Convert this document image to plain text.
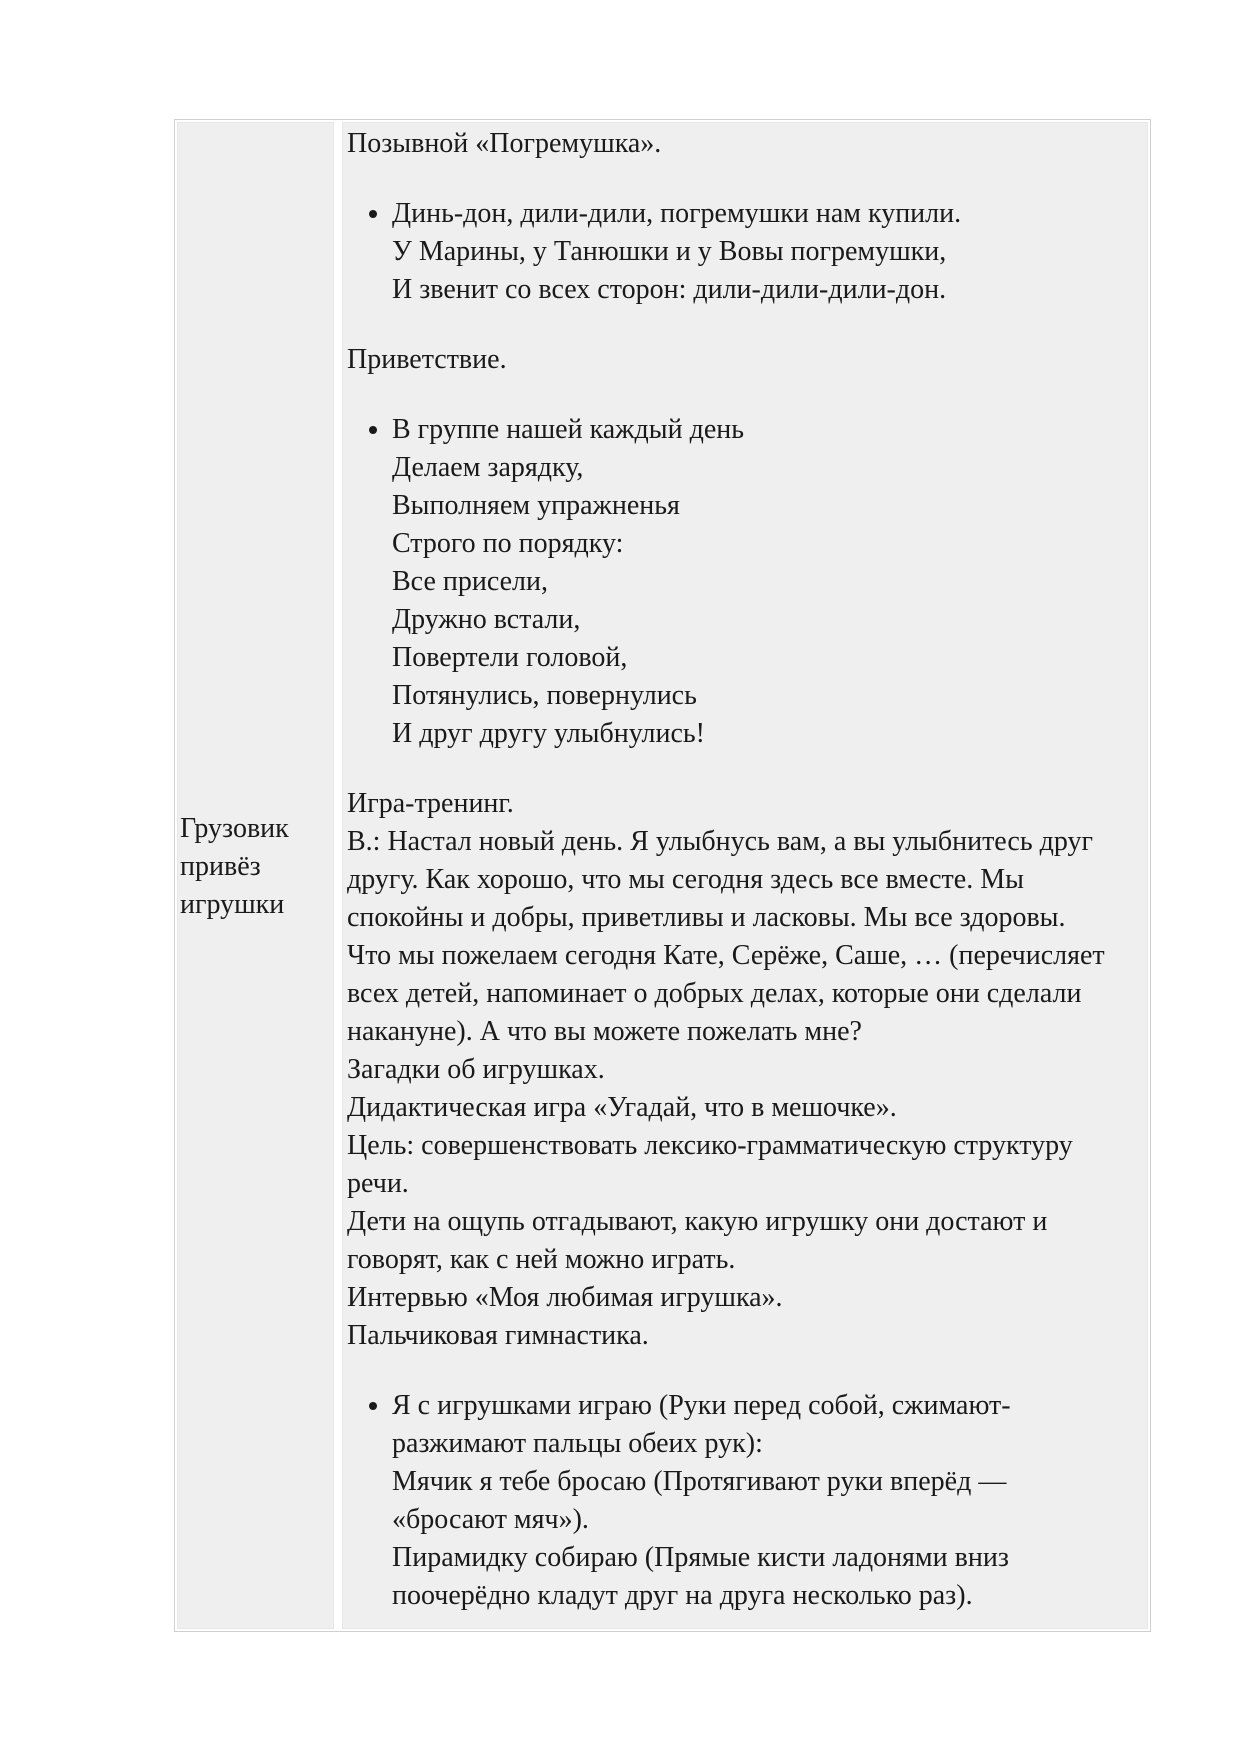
Грузовик
привёз
игрушки
Позывной «Погремушка».
• Динь-дон, дили-дили, погремушки нам купили.
У Марины, у Танюшки и у Вовы погремушки,
И звенит со всех сторон: дили-дили-дили-дон.
Приветствие.
• В группе нашей каждый день
Делаем зарядку,
Выполняем упражненья
Строго по порядку:
Все присели,
Дружно встали,
Повертели головой,
Потянулись, повернулись
И друг другу улыбнулись!
Игра-тренинг.
В.: Настал новый день. Я улыбнусь вам, а вы улыбнитесь друг
другу. Как хорошо, что мы сегодня здесь все вместе. Мы
спокойны и добры, приветливы и ласковы. Мы все здоровы.
Что мы пожелаем сегодня Кате, Серёже, Саше, … (перечисляет
всех детей, напоминает о добрых делах, которые они сделали
накануне). А что вы можете пожелать мне?
Загадки об игрушках.
Дидактическая игра «Угадай, что в мешочке».
Цель: совершенствовать лексико-грамматическую структуру
речи.
Дети на ощупь отгадывают, какую игрушку они достают и
говорят, как с ней можно играть.
Интервью «Моя любимая игрушка».
Пальчиковая гимнастика.
• Я с игрушками играю (Руки перед собой, сжимают-
разжимают пальцы обеих рук):
Мячик я тебе бросаю (Протягивают руки вперёд —
«бросают мяч»).
Пирамидку собираю (Прямые кисти ладонями вниз
поочерёдно кладут друг на друга несколько раз).
